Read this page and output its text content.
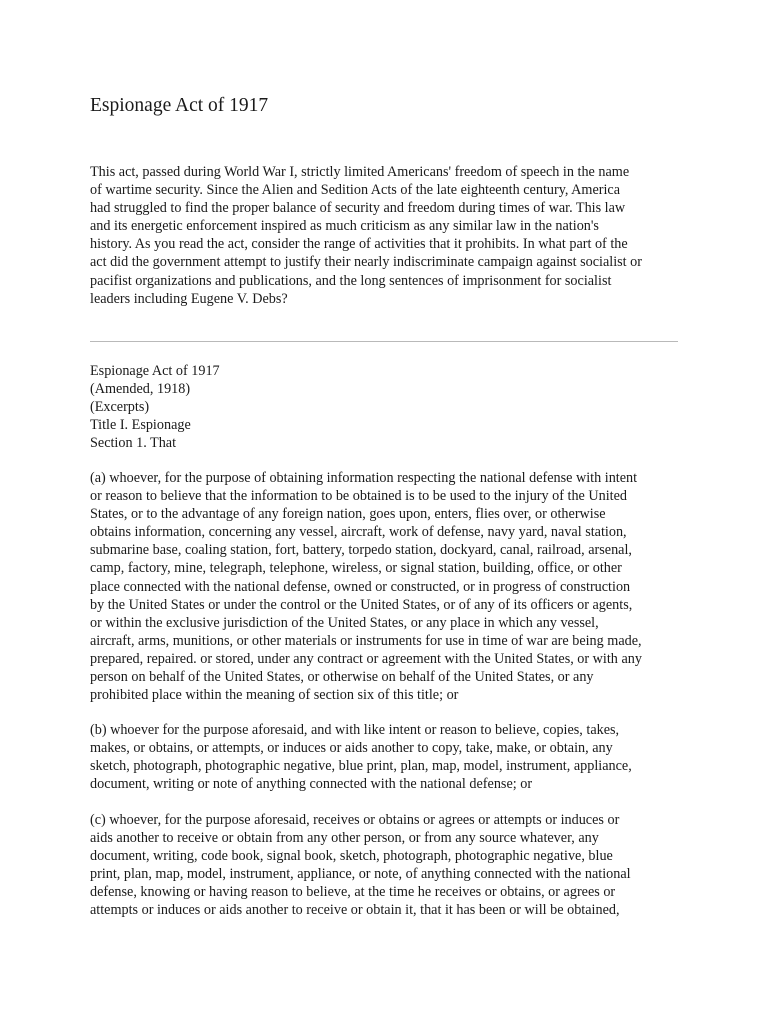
Espionage Act of 1917

This act, passed during World War I, strictly limited Americans' freedom of speech in the name
of wartime security. Since the Alien and Sedition Acts of the late eighteenth century, America
had struggled to find the proper balance of security and freedom during times of war. This law
and its energetic enforcement inspired as much criticism as any similar law in the nation's
history. As you read the act, consider the range of activities that it prohibits. In what part of the
act did the government attempt to justify their nearly indiscriminate campaign against socialist or
pacifist organizations and publications, and the long sentences of imprisonment for socialist
leaders including Eugene V. Debs?

Espionage Act of 1917
(Amended, 1918)
(Excerpts)
Title I. Espionage
Section 1. That

(a) whoever, for the purpose of obtaining information respecting the national defense with intent
or reason to believe that the information to be obtained is to be used to the injury of the United
States, or to the advantage of any foreign nation, goes upon, enters, flies over, or otherwise
obtains information, concerning any vessel, aircraft, work of defense, navy yard, naval station,
submarine base, coaling station, fort, battery, torpedo station, dockyard, canal, railroad, arsenal,
camp, factory, mine, telegraph, telephone, wireless, or signal station, building, office, or other
place connected with the national defense, owned or constructed, or in progress of construction
by the United States or under the control or the United States, or of any of its officers or agents,
or within the exclusive jurisdiction of the United States, or any place in which any vessel,
aircraft, arms, munitions, or other materials or instruments for use in time of war are being made,
prepared, repaired. or stored, under any contract or agreement with the United States, or with any
person on behalf of the United States, or otherwise on behalf of the United States, or any
prohibited place within the meaning of section six of this title; or

(b) whoever for the purpose aforesaid, and with like intent or reason to believe, copies, takes,
makes, or obtains, or attempts, or induces or aids another to copy, take, make, or obtain, any
sketch, photograph, photographic negative, blue print, plan, map, model, instrument, appliance,
document, writing or note of anything connected with the national defense; or

(c) whoever, for the purpose aforesaid, receives or obtains or agrees or attempts or induces or
aids another to receive or obtain from any other person, or from any source whatever, any
document, writing, code book, signal book, sketch, photograph, photographic negative, blue
print, plan, map, model, instrument, appliance, or note, of anything connected with the national
defense, knowing or having reason to believe, at the time he receives or obtains, or agrees or
attempts or induces or aids another to receive or obtain it, that it has been or will be obtained,
